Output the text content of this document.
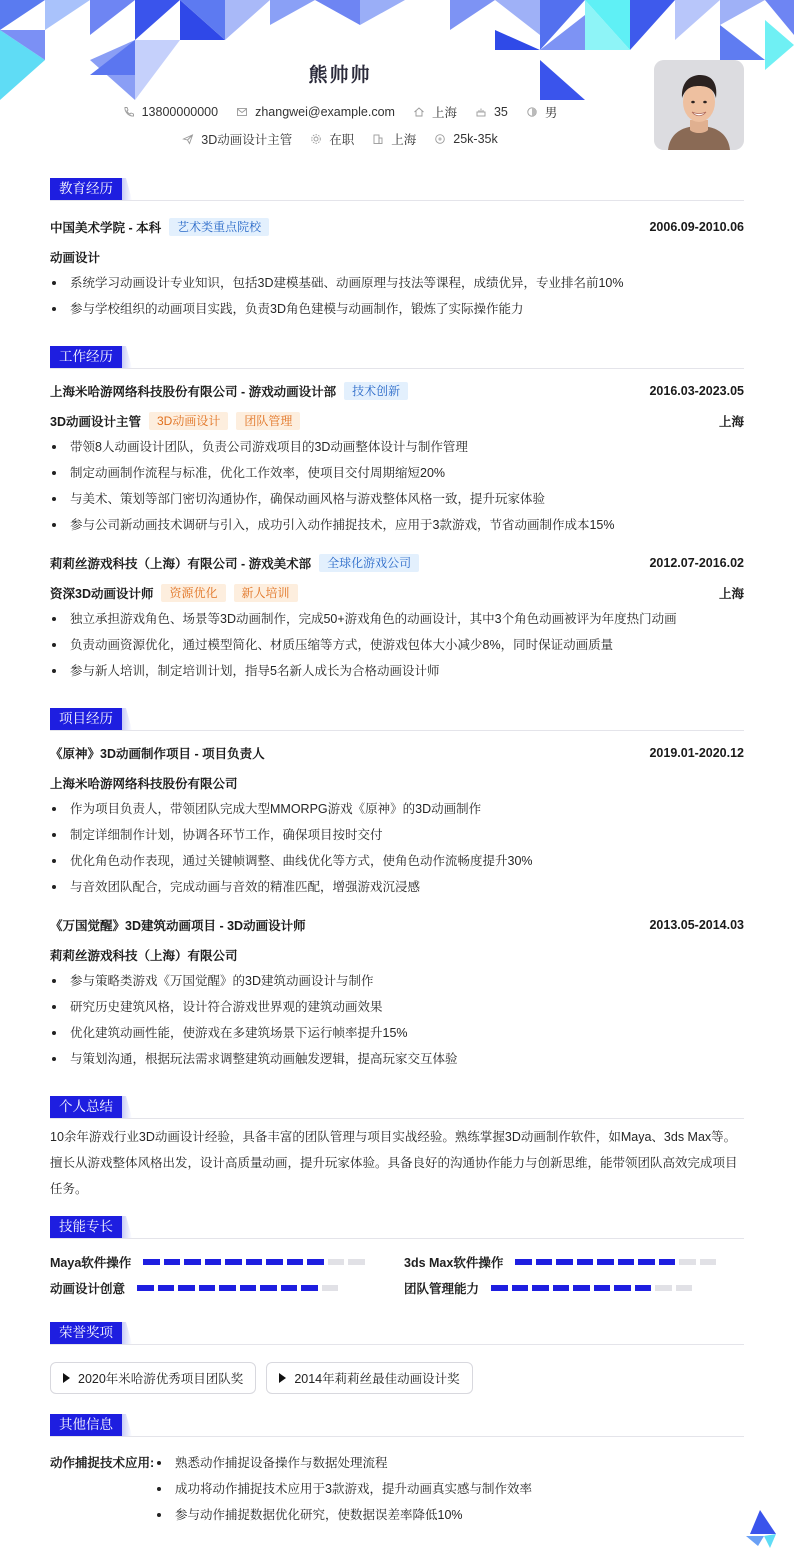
熊帅帅
13800000000	zhangwei@example.com	上海	35	男
3D动画设计主管	在职	上海	25k-35k
教育经历
中国美术学院 - 本科	艺术类重点院校	2006.09-2010.06
动画设计
系统学习动画设计专业知识，包括3D建模基础、动画原理与技法等课程，成绩优异，专业排名前10%
参与学校组织的动画项目实践，负责3D角色建模与动画制作，锻炼了实际操作能力
工作经历
上海米哈游网络科技股份有限公司 - 游戏动画设计部	技术创新	2016.03-2023.05
3D动画设计主管	3D动画设计	团队管理	上海
带领8人动画设计团队，负责公司游戏项目的3D动画整体设计与制作管理
制定动画制作流程与标准，优化工作效率，使项目交付周期缩短20%
与美术、策划等部门密切沟通协作，确保动画风格与游戏整体风格一致，提升玩家体验
参与公司新动画技术调研与引入，成功引入动作捕捉技术，应用于3款游戏，节省动画制作成本15%
莉莉丝游戏科技（上海）有限公司 - 游戏美术部	全球化游戏公司	2012.07-2016.02
资深3D动画设计师	资源优化	新人培训	上海
独立承担游戏角色、场景等3D动画制作，完成50+游戏角色的动画设计，其中3个角色动画被评为年度热门动画
负责动画资源优化，通过模型简化、材质压缩等方式，使游戏包体大小减少8%，同时保证动画质量
参与新人培训，制定培训计划，指导5名新人成长为合格动画设计师
项目经历
《原神》3D动画制作项目 - 项目负责人	2019.01-2020.12
上海米哈游网络科技股份有限公司
作为项目负责人，带领团队完成大型MMORPG游戏《原神》的3D动画制作
制定详细制作计划，协调各环节工作，确保项目按时交付
优化角色动作表现，通过关键帧调整、曲线优化等方式，使角色动作流畅度提升30%
与音效团队配合，完成动画与音效的精准匹配，增强游戏沉浸感
《万国觉醒》3D建筑动画项目 - 3D动画设计师	2013.05-2014.03
莉莉丝游戏科技（上海）有限公司
参与策略类游戏《万国觉醒》的3D建筑动画设计与制作
研究历史建筑风格，设计符合游戏世界观的建筑动画效果
优化建筑动画性能，使游戏在多建筑场景下运行帧率提升15%
与策划沟通，根据玩法需求调整建筑动画触发逻辑，提高玩家交互体验
个人总结

10余年游戏行业3D动画设计经验，具备丰富的团队管理与项目实战经验。熟练掌握3D动画制作软件，如Maya、3ds Max等。擅长从游戏整体风格出发，设计高质量动画，提升玩家体验。具备良好的沟通协作能力与创新思维，能带领团队高效完成项目任务。

技能专长
Maya软件操作	3ds Max软件操作
动画设计创意	团队管理能力
荣誉奖项
2020年米哈游优秀项目团队奖	2014年莉莉丝最佳动画设计奖
其他信息
动作捕捉技术应用:	熟悉动作捕捉设备操作与数据处理流程
成功将动作捕捉技术应用于3款游戏，提升动画真实感与制作效率
参与动作捕捉数据优化研究，使数据误差率降低10%
